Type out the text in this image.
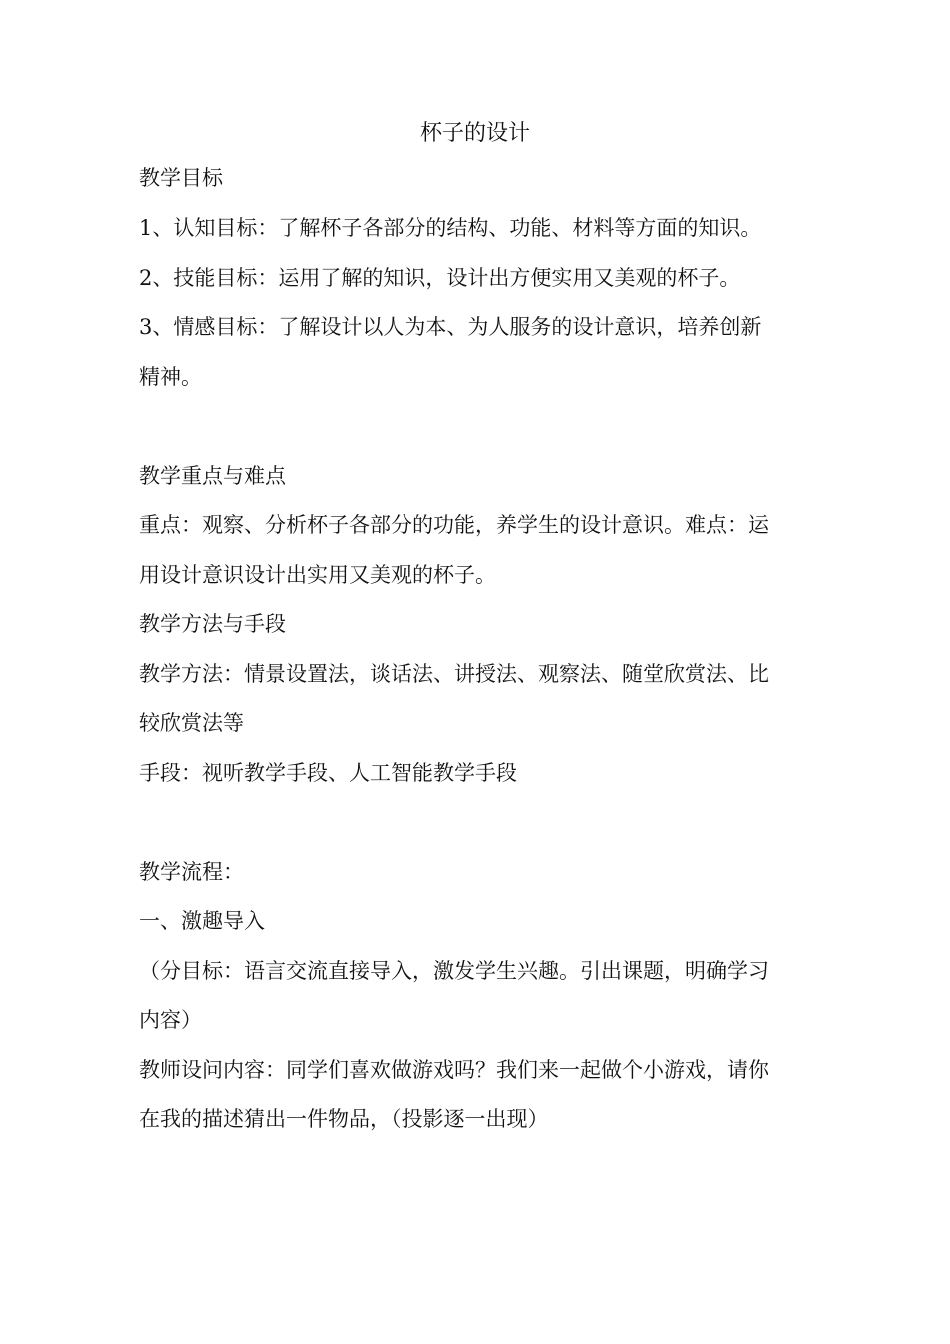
杯子的设计

教学目标

1、认知目标：了解杯子各部分的结构、功能、材料等方面的知识。

2、技能目标：运用了解的知识，设计出方便实用又美观的杯子。

3、情感目标：了解设计以人为本、为人服务的设计意识，培养创新

精神。

教学重点与难点

重点：观察、分析杯子各部分的功能，养学生的设计意识。难点：运

用设计意识设计出实用又美观的杯子。

教学方法与手段

教学方法：情景设置法，谈话法、讲授法、观察法、随堂欣赏法、比

较欣赏法等

手段：视听教学手段、人工智能教学手段

教学流程：

一、激趣导入

（分目标：语言交流直接导入，激发学生兴趣。引出课题，明确学习

内容）

教师设问内容：同学们喜欢做游戏吗？我们来一起做个小游戏，请你

在我的描述猜出一件物品，（投影逐一出现）
